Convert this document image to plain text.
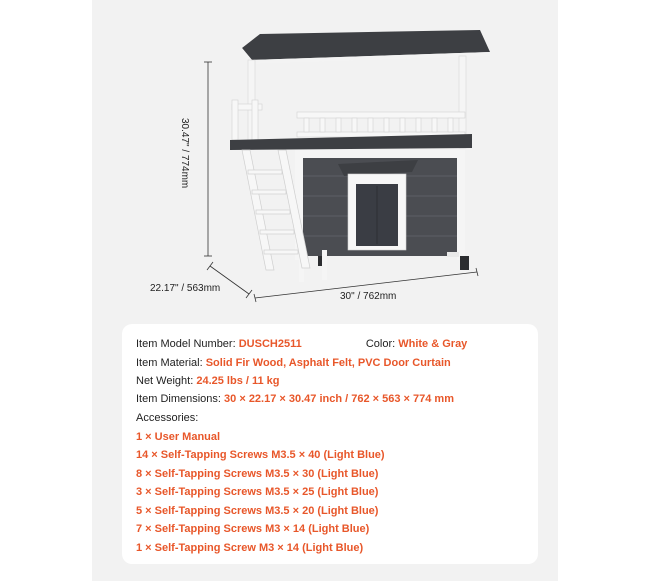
30.47" / 774mm
22.17" / 563mm
30" / 762mm
Item Model Number: DUSCH2511	Color: White & Gray
Item Material: Solid Fir Wood, Asphalt Felt, PVC Door Curtain
Net Weight: 24.25 lbs / 11 kg
Item Dimensions: 30 × 22.17 × 30.47 inch / 762 × 563 × 774 mm
Accessories:
1 × User Manual
14 × Self-Tapping Screws M3.5 × 40 (Light Blue)
8 × Self-Tapping Screws M3.5 × 30 (Light Blue)
3 × Self-Tapping Screws M3.5 × 25 (Light Blue)
5 × Self-Tapping Screws M3.5 × 20 (Light Blue)
7 × Self-Tapping Screws M3 × 14 (Light Blue)
1 × Self-Tapping Screw M3 × 14 (Light Blue)
